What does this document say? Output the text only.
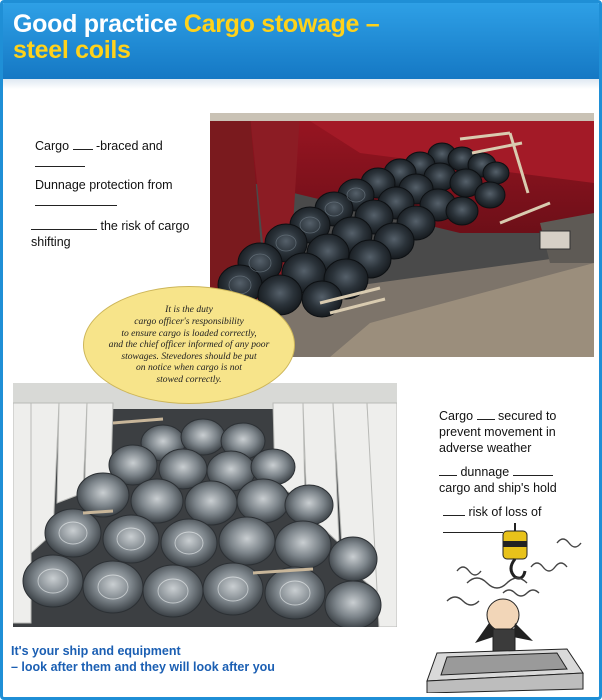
Good practice Cargo stowage –
steel coils
Cargo -braced and

Dunnage protection from

the risk of cargo
shifting
It is the duty
cargo officer's responsibility
to ensure cargo is loaded correctly,
and the chief officer informed of any poor
stowages. Stevedores should be put
on notice when cargo is not
stowed correctly.
Cargo secured to
prevent movement in
adverse weather
dunnage
cargo and ship's hold
risk of loss of

It's your ship and equipment
– look after them and they will look after you
